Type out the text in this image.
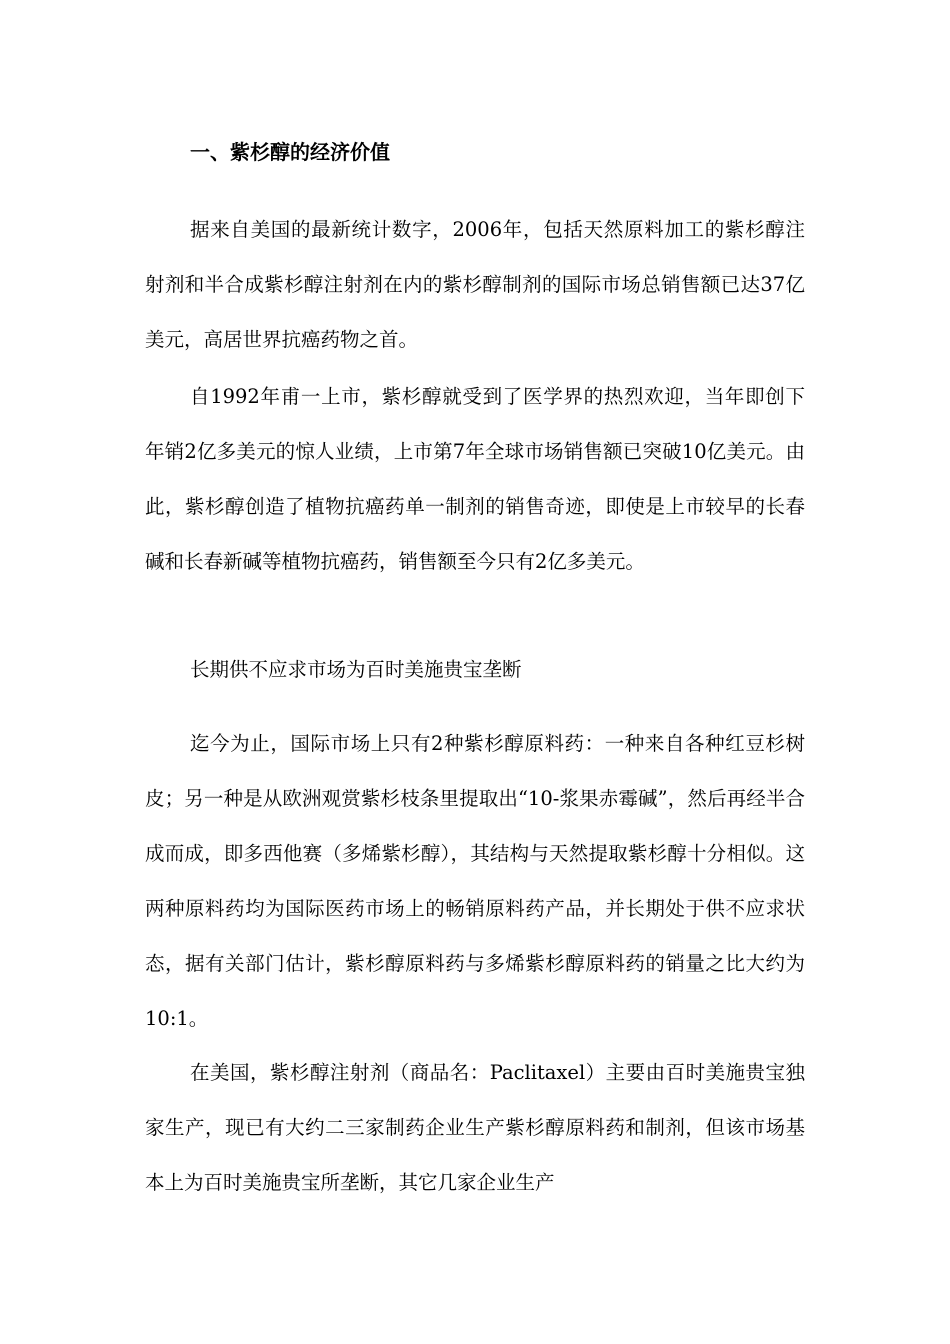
一、紫杉醇的经济价值

据来自美国的最新统计数字，2006年，包括天然原料加工的紫杉醇注射剂和半合成紫杉醇注射剂在内的紫杉醇制剂的国际市场总销售额已达37亿美元，高居世界抗癌药物之首。

自1992年甫一上市，紫杉醇就受到了医学界的热烈欢迎，当年即创下年销2亿多美元的惊人业绩，上市第7年全球市场销售额已突破10亿美元。由此，紫杉醇创造了植物抗癌药单一制剂的销售奇迹，即使是上市较早的长春碱和长春新碱等植物抗癌药，销售额至今只有2亿多美元。

长期供不应求市场为百时美施贵宝垄断

迄今为止，国际市场上只有2种紫杉醇原料药：一种来自各种红豆杉树皮；另一种是从欧洲观赏紫杉枝条里提取出“10-浆果赤霉碱”，然后再经半合成而成，即多西他赛（多烯紫杉醇），其结构与天然提取紫杉醇十分相似。这两种原料药均为国际医药市场上的畅销原料药产品，并长期处于供不应求状态，据有关部门估计，紫杉醇原料药与多烯紫杉醇原料药的销量之比大约为10:1。

在美国，紫杉醇注射剂（商品名：Paclitaxel）主要由百时美施贵宝独家生产，现已有大约二三家制药企业生产紫杉醇原料药和制剂，但该市场基本上为百时美施贵宝所垄断，其它几家企业生产
